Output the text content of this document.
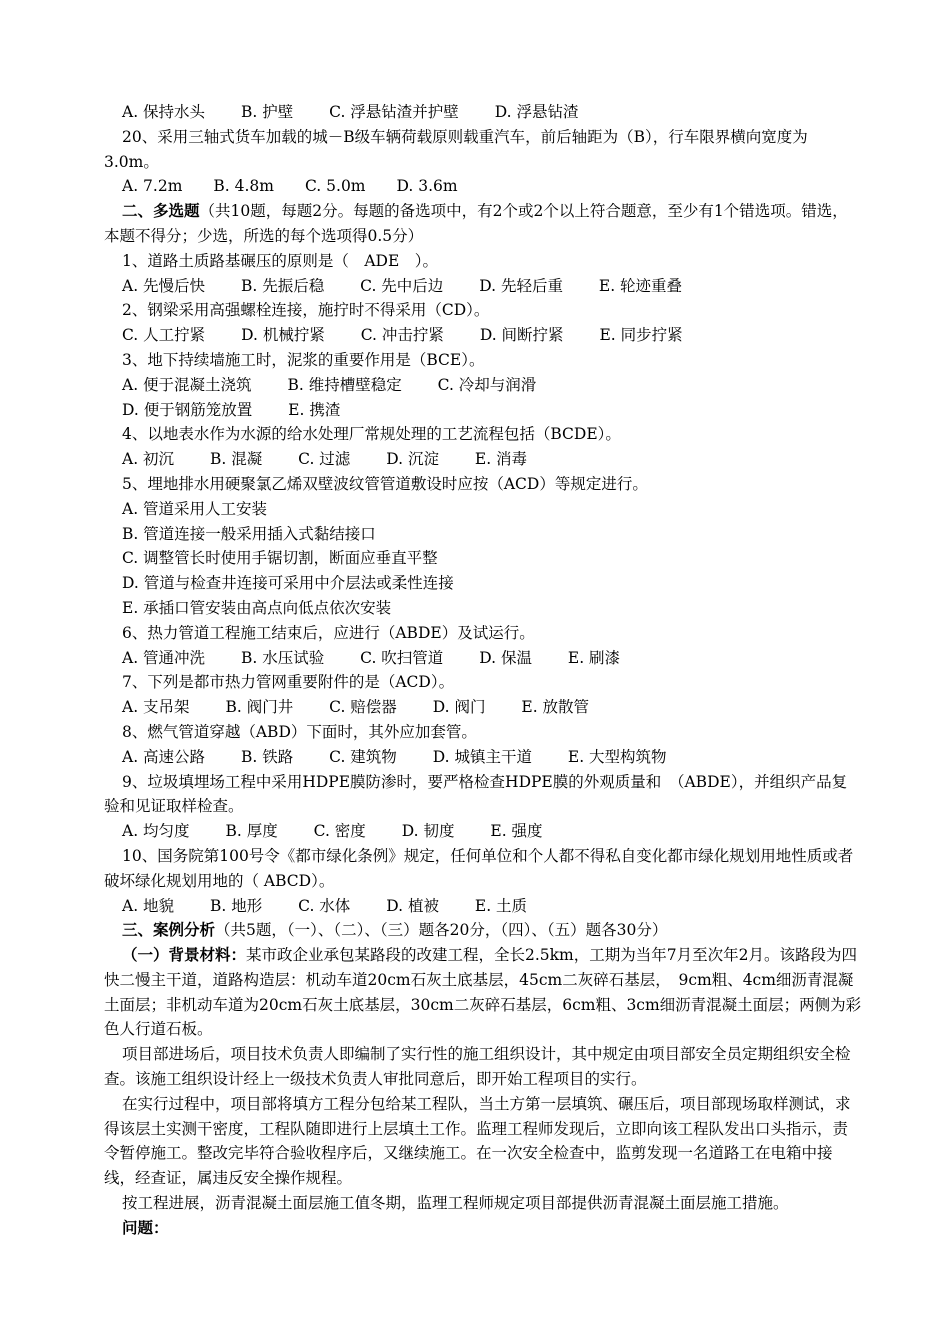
A. 保持水头　　 B. 护壁　　 C. 浮悬钻渣并护壁　　 D. 浮悬钻渣
20、采用三轴式货车加载的城－B级车辆荷载原则载重汽车，前后轴距为（B），行车限界横向宽度为3.0m。
A. 7.2m　　B. 4.8m　　C. 5.0m　　D. 3.6m
二、多选题（共10题，每题2分。每题的备选项中，有2个或2个以上符合题意，至少有1个错选项。错选，本题不得分；少选，所选的每个选项得0.5分）
1、道路土质路基碾压的原则是（　ADE　）。
A. 先慢后快　　 B. 先振后稳　　 C. 先中后边　　 D. 先轻后重　　 E. 轮迹重叠
2、钢梁采用高强螺栓连接，施拧时不得采用（CD）。
C. 人工拧紧　　 D. 机械拧紧　　 C. 冲击拧紧　　 D. 间断拧紧　　 E. 同步拧紧
3、地下持续墙施工时，泥浆的重要作用是（BCE）。
A. 便于混凝土浇筑　　 B. 维持槽壁稳定　　 C. 冷却与润滑
D. 便于钢筋笼放置　　 E. 携渣
4、以地表水作为水源的给水处理厂常规处理的工艺流程包括（BCDE）。
A. 初沉　　 B. 混凝　　 C. 过滤　　 D. 沉淀　　 E. 消毒
5、埋地排水用硬聚氯乙烯双壁波纹管管道敷设时应按（ACD）等规定进行。
A. 管道采用人工安装
B. 管道连接一般采用插入式黏结接口
C. 调整管长时使用手锯切割，断面应垂直平整
D. 管道与检查井连接可采用中介层法或柔性连接
E. 承插口管安装由高点向低点依次安装
6、热力管道工程施工结束后，应进行（ABDE）及试运行。
A. 管通冲洗　　 B. 水压试验　　 C. 吹扫管道　　 D. 保温　　 E. 刷漆
7、下列是都市热力管网重要附件的是（ACD）。
A. 支吊架　　 B. 阀门井　　 C. 赔偿器　　 D. 阀门　　 E. 放散管
8、燃气管道穿越（ABD）下面时，其外应加套管。
A. 高速公路　　 B. 铁路　　 C. 建筑物　　 D. 城镇主干道　　 E. 大型构筑物
9、垃圾填埋场工程中采用HDPE膜防渗时，要严格检查HDPE膜的外观质量和　（ABDE），并组织产品复验和见证取样检查。
A. 均匀度　　 B. 厚度　　 C. 密度　　 D. 韧度　　 E. 强度
10、国务院第100号令《都市绿化条例》规定，任何单位和个人都不得私自变化都市绿化规划用地性质或者破坏绿化规划用地的（ ABCD）。
A. 地貌　　 B. 地形　　 C. 水体　　 D. 植被　　 E. 土质
三、案例分析（共5题，（一）、（二）、（三）题各20分，（四）、（五）题各30分）
（一）背景材料：某市政企业承包某路段的改建工程，全长2.5km，工期为当年7月至次年2月。该路段为四快二慢主干道，道路构造层：机动车道20cm石灰土底基层，45cm二灰碎石基层，　9cm粗、4cm细沥青混凝土面层；非机动车道为20cm石灰土底基层，30cm二灰碎石基层，6cm粗、3cm细沥青混凝土面层；两侧为彩色人行道石板。
项目部进场后，项目技术负责人即编制了实行性的施工组织设计，其中规定由项目部安全员定期组织安全检查。该施工组织设计经上一级技术负责人审批同意后，即开始工程项目的实行。
在实行过程中，项目部将填方工程分包给某工程队，当土方第一层填筑、碾压后，项目部现场取样测试，求得该层土实测干密度，工程队随即进行上层填土工作。监理工程师发现后，立即向该工程队发出口头指示，责令暂停施工。整改完毕符合验收程序后，又继续施工。在一次安全检查中，监剪发现一名道路工在电箱中接线，经查证，属违反安全操作规程。
按工程进展，沥青混凝土面层施工值冬期，监理工程师规定项目部提供沥青混凝土面层施工措施。
问题：
